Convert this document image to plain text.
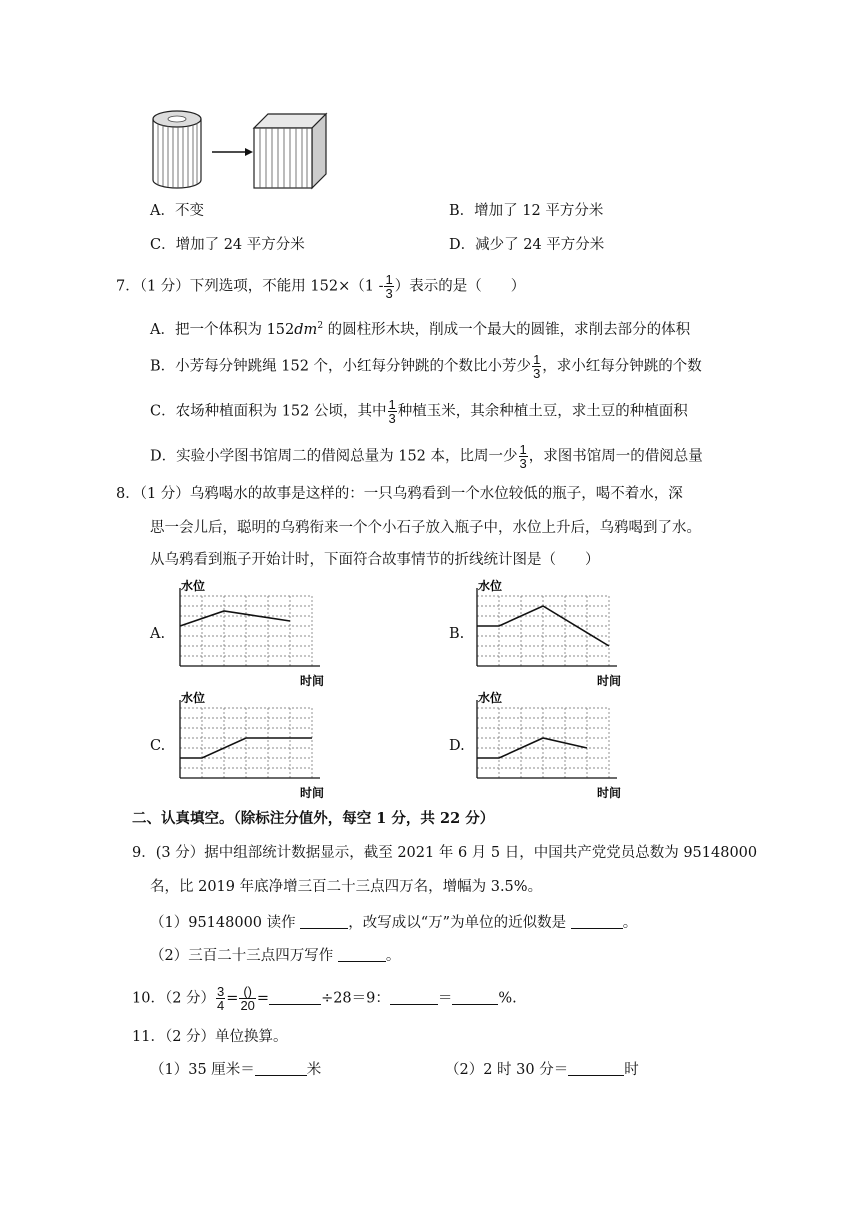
A．不变	B．增加了 12 平方分米
C．增加了 24 平方分米	D．减少了 24 平方分米
7．（1 分）下列选项，不能用 $152\times(1 - \frac{1}{3}$ ）表示的是（　　）
A．把一个体积为 $152dm^2$ 的圆柱形木块，削成一个最大的圆锥，求削去部分的体积
B．小芳每分钟跳绳 152 个，小红每分钟跳的个数比小芳少 $\frac{1}{3}$ ，求小红每分钟跳的个数
C．农场种植面积为 152 公顷，其中 $\frac{1}{3}$ 种植玉米，其余种植土豆，求土豆的种植面积
D．实验小学图书馆周二的借阅总量为 152 本，比周一少 $\frac{1}{3}$ ，求图书馆周一的借阅总量
8．（1 分）乌鸦喝水的故事是这样的：一只乌鸦看到一个水位较低的瓶子，喝不着水，深
思一会儿后，聪明的乌鸦衔来一个个小石子放入瓶子中，水位上升后，乌鸦喝到了水。
从乌鸦看到瓶子开始计时，下面符合故事情节的折线统计图是（　　）
A.	B.
C.	D.
水位
时间
水位
时间
水位
时间
水位
时间
二、认真填空。（除标注分值外，每空 1 分，共 22 分）
9．(3 分）据中组部统计数据显示，截至 2021 年 6 月 5 日，中国共产党党员总数为 95148000
名，比 2019 年底净增三百二十三点四万名，增幅为 3.5%。
（1）95148000 读作	，改写成以“万”为单位的近似数是	。
（2）三百二十三点四万写作	。
10．（2 分） $\frac{3}{4} = \frac{()}{20}$ =	÷28＝9：	＝	%.
11．（2 分）单位换算。
（1）35 厘米＝	米	（2）2 时 30 分＝	时
